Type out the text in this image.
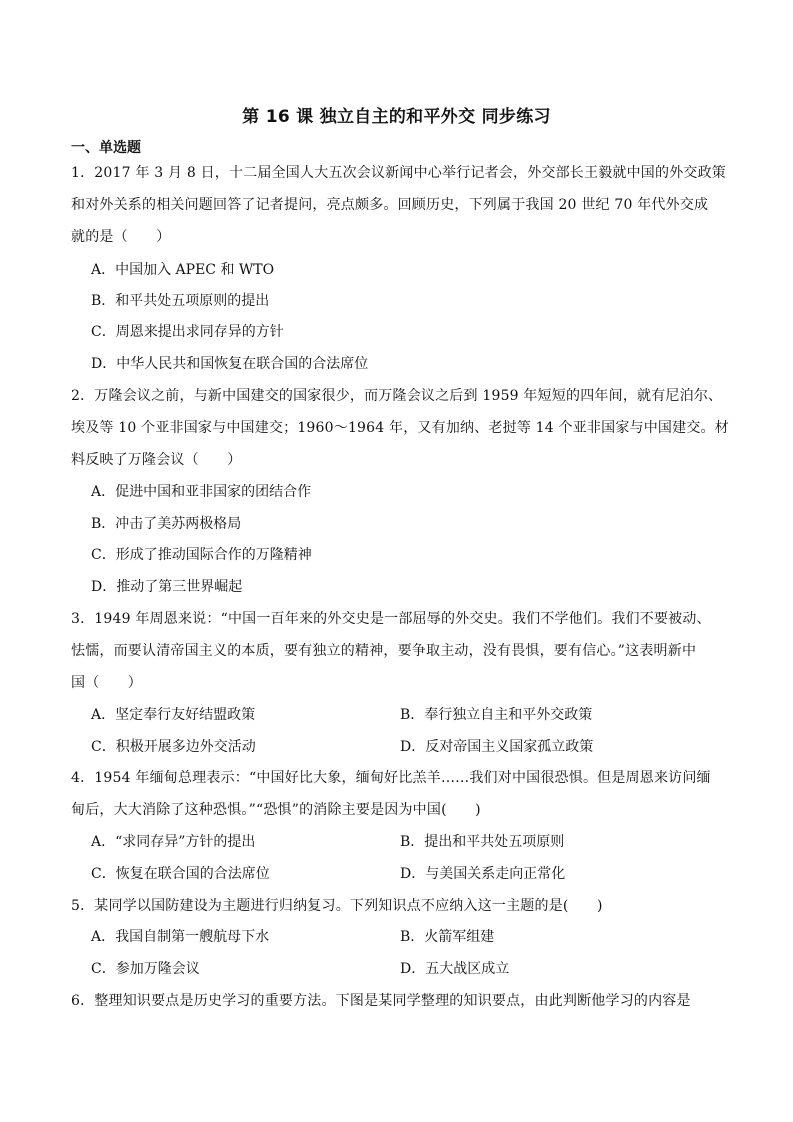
第 16 课 独立自主的和平外交 同步练习
一、单选题
1．2017 年 3 月 8 日，十二届全国人大五次会议新闻中心举行记者会，外交部长王毅就中国的外交政策
和对外关系的相关问题回答了记者提问，亮点颇多。回顾历史，下列属于我国 20 世纪 70 年代外交成
就的是（　　）
A．中国加入 APEC 和 WTO
B．和平共处五项原则的提出
C．周恩来提出求同存异的方针
D．中华人民共和国恢复在联合国的合法席位
2．万隆会议之前，与新中国建交的国家很少，而万隆会议之后到 1959 年短短的四年间，就有尼泊尔、
埃及等 10 个亚非国家与中国建交；1960～1964 年，又有加纳、老挝等 14 个亚非国家与中国建交。材
料反映了万隆会议（　　）
A．促进中国和亚非国家的团结合作
B．冲击了美苏两极格局
C．形成了推动国际合作的万隆精神
D．推动了第三世界崛起
3．1949 年周恩来说：“中国一百年来的外交史是一部屈辱的外交史。我们不学他们。我们不要被动、
怯懦，而要认清帝国主义的本质，要有独立的精神，要争取主动，没有畏惧，要有信心。”这表明新中
国（　　）
A．坚定奉行友好结盟政策	B．奉行独立自主和平外交政策
C．积极开展多边外交活动	D．反对帝国主义国家孤立政策
4．1954 年缅甸总理表示：“中国好比大象，缅甸好比羔羊……我们对中国很恐惧。但是周恩来访问缅
甸后，大大消除了这种恐惧。”“恐惧”的消除主要是因为中国(　　)
A．“求同存异”方针的提出	B．提出和平共处五项原则
C．恢复在联合国的合法席位	D．与美国关系走向正常化
5．某同学以国防建设为主题进行归纳复习。下列知识点不应纳入这一主题的是(　　)
A．我国自制第一艘航母下水	B．火箭军组建
C．参加万隆会议	D．五大战区成立
6．整理知识要点是历史学习的重要方法。下图是某同学整理的知识要点，由此判断他学习的内容是
